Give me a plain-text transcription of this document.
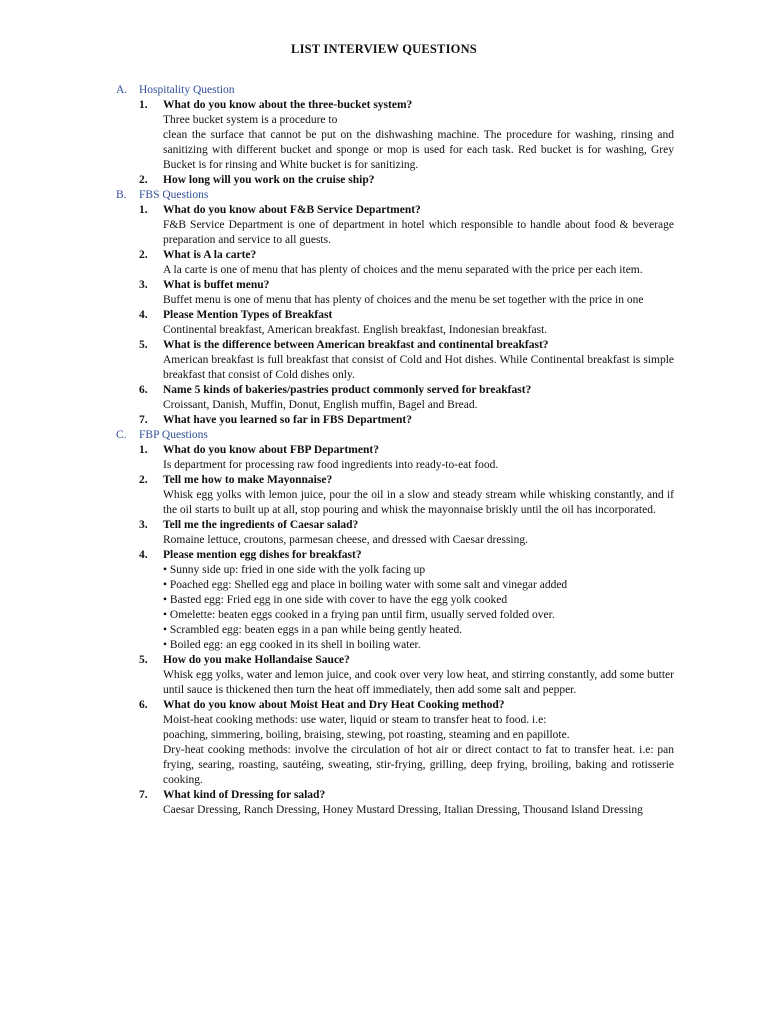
LIST INTERVIEW QUESTIONS
A. Hospitality Question
1. What do you know about the three-bucket system?

Three bucket system is a procedure to

clean the surface that cannot be put on the dishwashing machine. The procedure for washing, rinsing and sanitizing with different bucket and sponge or mop is used for each task. Red bucket is for washing, Grey Bucket is for rinsing and White bucket is for sanitizing.

2. How long will you work on the cruise ship?
B. FBS Questions
1. What do you know about F&B Service Department?

F&B Service Department is one of department in hotel which responsible to handle about food & beverage preparation and service to all guests.

2. What is A la carte?

A la carte is one of menu that has plenty of choices and the menu separated with the price per each item.

3. What is buffet menu?

Buffet menu is one of menu that has plenty of choices and the menu be set together with the price in one

4. Please Mention Types of Breakfast

Continental breakfast, American breakfast. English breakfast, Indonesian breakfast.

5. What is the difference between American breakfast and continental breakfast?

American breakfast is full breakfast that consist of Cold and Hot dishes. While Continental breakfast is simple breakfast that consist of Cold dishes only.

6. Name 5 kinds of bakeries/pastries product commonly served for breakfast?

Croissant, Danish, Muffin, Donut, English muffin, Bagel and Bread.

7. What have you learned so far in FBS Department?
C. FBP Questions
1. What do you know about FBP Department?

Is department for processing raw food ingredients into ready-to-eat food.

2. Tell me how to make Mayonnaise?

Whisk egg yolks with lemon juice, pour the oil in a slow and steady stream while whisking constantly, and if the oil starts to built up at all, stop pouring and whisk the mayonnaise briskly until the oil has incorporated.

3. Tell me the ingredients of Caesar salad?

Romaine lettuce, croutons, parmesan cheese, and dressed with Caesar dressing.

4. Please mention egg dishes for breakfast?
• Sunny side up: fried in one side with the yolk facing up
• Poached egg: Shelled egg and place in boiling water with some salt and vinegar added
• Basted egg: Fried egg in one side with cover to have the egg yolk cooked
• Omelette: beaten eggs cooked in a frying pan until firm, usually served folded over.
• Scrambled egg: beaten eggs in a pan while being gently heated.
• Boiled egg: an egg cooked in its shell in boiling water.
5. How do you make Hollandaise Sauce?

Whisk egg yolks, water and lemon juice, and cook over very low heat, and stirring constantly, add some butter until sauce is thickened then turn the heat off immediately, then add some salt and pepper.

6. What do you know about Moist Heat and Dry Heat Cooking method?

Moist-heat cooking methods: use water, liquid or steam to transfer heat to food. i.e:

poaching, simmering, boiling, braising, stewing, pot roasting, steaming and en papillote.

Dry-heat cooking methods: involve the circulation of hot air or direct contact to fat to transfer heat. i.e: pan frying, searing, roasting, sautéing, sweating, stir-frying, grilling, deep frying, broiling, baking and rotisserie cooking.

7. What kind of Dressing for salad?

Caesar Dressing, Ranch Dressing, Honey Mustard Dressing, Italian Dressing, Thousand Island Dressing
